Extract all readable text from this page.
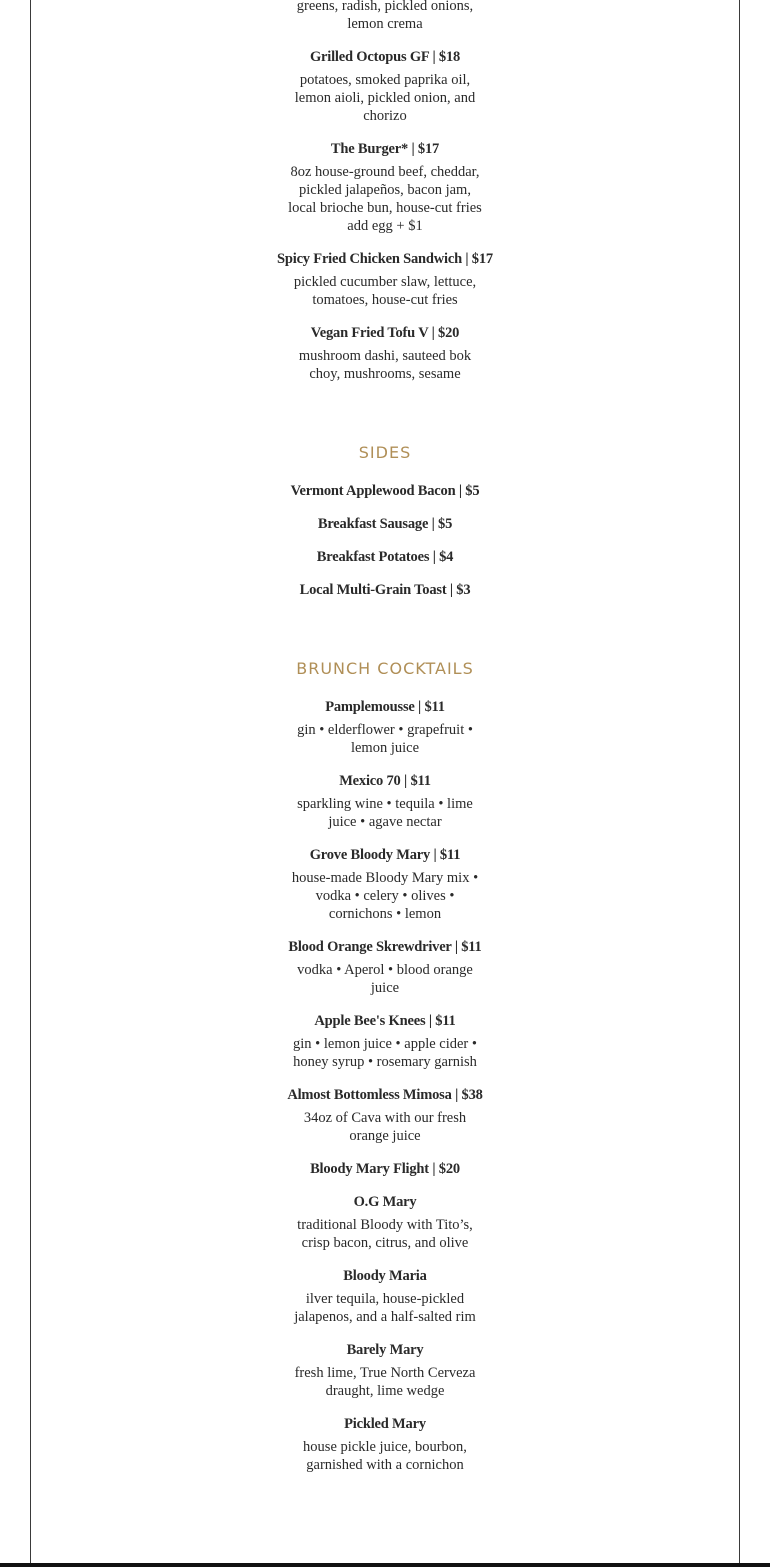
greens, radish, pickled onions, lemon crema
Grilled Octopus GF | $18
potatoes, smoked paprika oil, lemon aioli, pickled onion, and chorizo
The Burger* | $17
8oz house-ground beef, cheddar, pickled jalapeños, bacon jam, local brioche bun, house-cut fries add egg + $1
Spicy Fried Chicken Sandwich | $17
pickled cucumber slaw, lettuce, tomatoes, house-cut fries
Vegan Fried Tofu V | $20
mushroom dashi, sauteed bok choy, mushrooms, sesame
SIDES
Vermont Applewood Bacon | $5
Breakfast Sausage | $5
Breakfast Potatoes | $4
Local Multi-Grain Toast | $3
BRUNCH COCKTAILS
Pamplemousse | $11
gin • elderflower • grapefruit • lemon juice
Mexico 70 | $11
sparkling wine • tequila • lime juice • agave nectar
Grove Bloody Mary | $11
house-made Bloody Mary mix • vodka • celery • olives • cornichons • lemon
Blood Orange Skrewdriver | $11
vodka • Aperol • blood orange juice
Apple Bee's Knees | $11
gin • lemon juice • apple cider • honey syrup • rosemary garnish
Almost Bottomless Mimosa | $38
34oz of Cava with our fresh orange juice
Bloody Mary Flight | $20
O.G Mary
traditional Bloody with Tito’s, crisp bacon, citrus, and olive
Bloody Maria
ilver tequila, house-pickled jalapenos, and a half-salted rim
Barely Mary
fresh lime, True North Cerveza draught, lime wedge
Pickled Mary
house pickle juice, bourbon, garnished with a cornichon
